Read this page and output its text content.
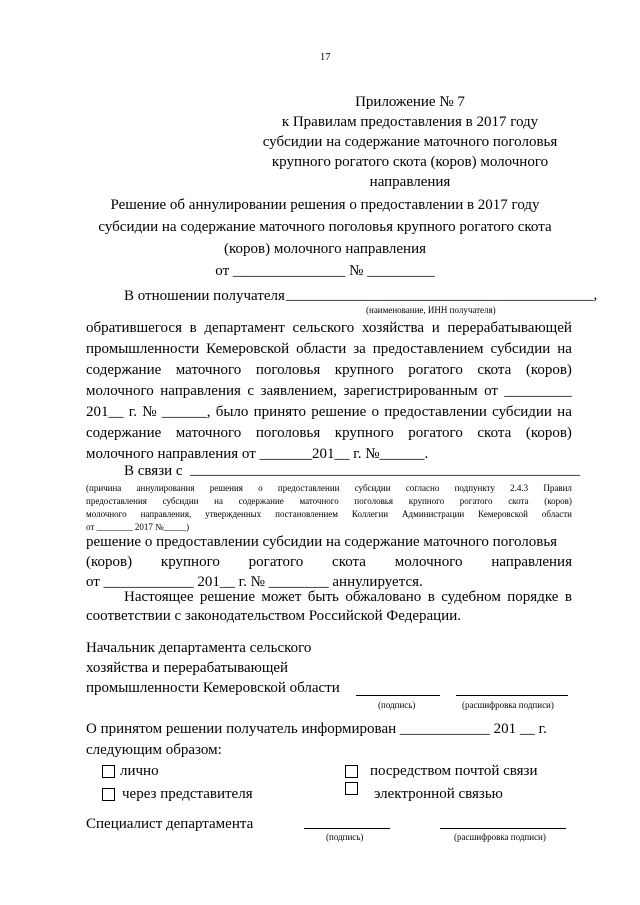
17
Приложение № 7
к Правилам предоставления в 2017 году
субсидии на содержание маточного поголовья
крупного рогатого скота (коров) молочного
направления
Решение об аннулировании решения о предоставлении в 2017 году
субсидии на содержание маточного поголовья крупного рогатого скота
(коров) молочного направления
от _______________ № _________
В отношении получателя _________________________________________,
(наименование, ИНН получателя)
обратившегося в департамент сельского хозяйства и перерабатывающей
промышленности Кемеровской области за предоставлением субсидии на
содержание маточного поголовья крупного рогатого скота (коров)
молочного направления с заявлением, зарегистрированным от _________
201__ г. № ______, было принято решение о предоставлении субсидии на
содержание маточного поголовья крупного рогатого скота (коров)
молочного направления от _______201__ г. №______.
В связи с ____________________________________________________
(причина аннулирования решения о предоставлении субсидии согласно подпункту 2.4.3 Правил
предоставления субсидии на содержание маточного поголовья крупного рогатого скота (коров)
молочного направления, утвержденных постановлением Коллегии Администрации Кемеровской области
от ________ 2017 №_____)
решение о предоставлении субсидии на содержание маточного поголовья
(коров) крупного рогатого скота молочного направления
от ____________ 201__ г. № ________ аннулируется.
Настоящее решение может быть обжаловано в судебном порядке в
соответствии с законодательством Российской Федерации.
Начальник департамента сельского
хозяйства и перерабатывающей
промышленности Кемеровской области
(подпись)	(расшифровка подписи)
О принятом решении получатель информирован ____________ 201 __ г.
следующим образом:
лично	посредством почтой связи
через представителя	электронной связью
Специалист департамента
(подпись)	(расшифровка подписи)
